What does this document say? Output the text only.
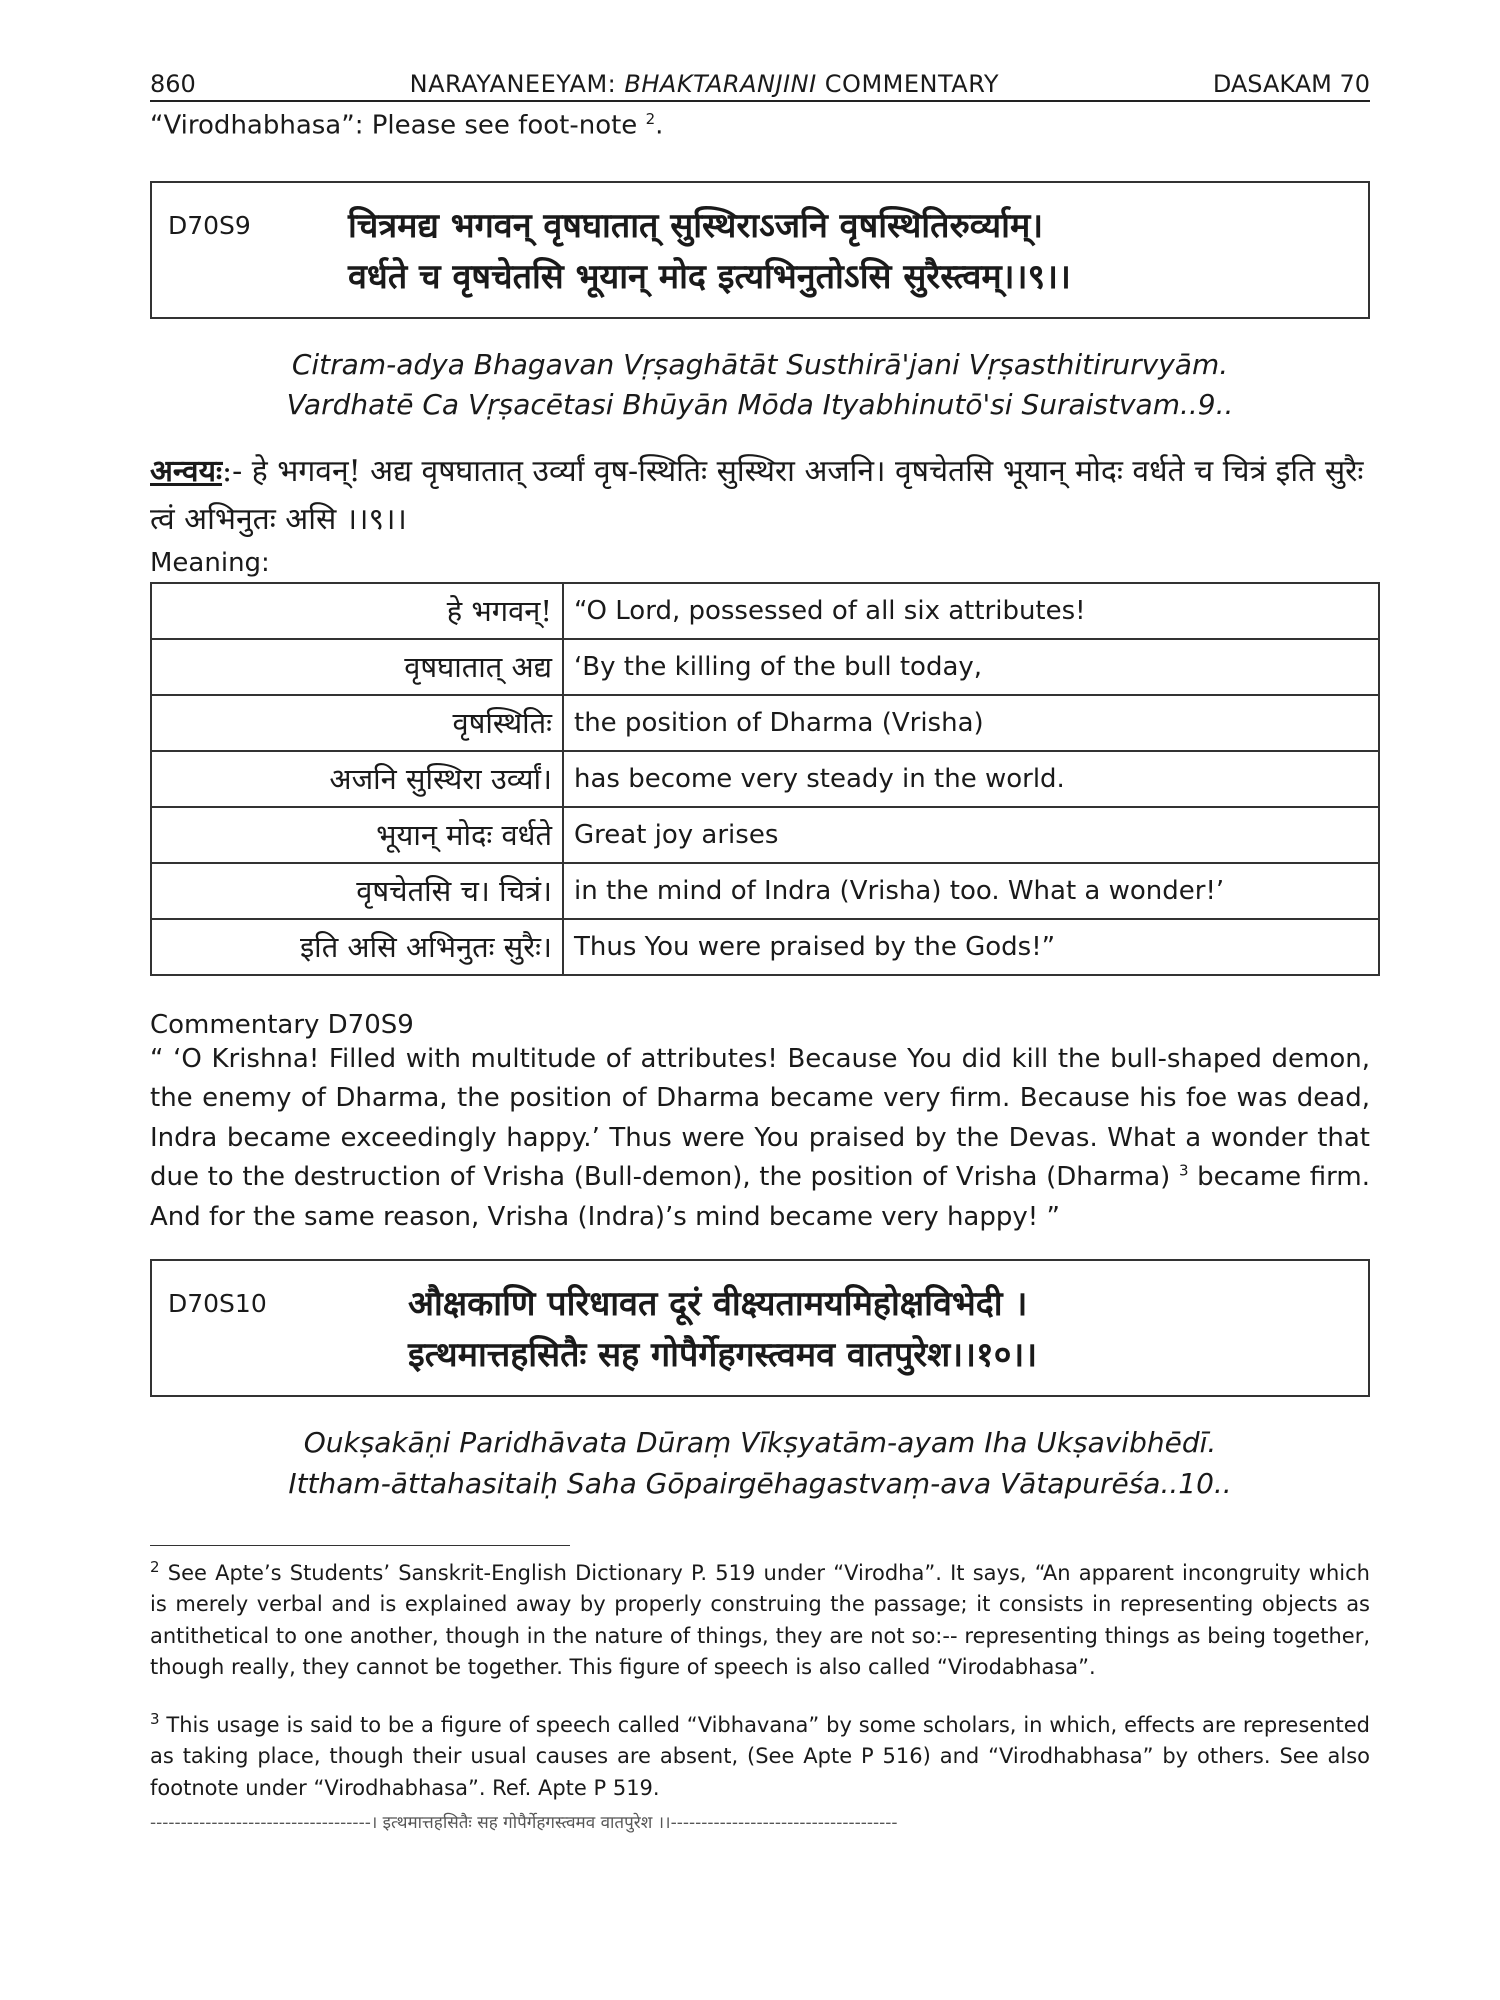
860	NARAYANEEYAM: BHAKTARANJINI COMMENTARY	DASAKAM 70
“Virodhabhasa”: Please see foot-note $^2$.
D70S9	चित्रमद्य भगवन् वृषघातात् सुस्थिराऽजनि वृषस्थितिरुर्व्याम्।
वर्धते च वृषचेतसि भूयान् मोद इत्यभिनुतोऽसि सुरैस्त्वम्।।९।।
Citram-adya Bhagavan Vṛṣaghātāt Susthirā'jani Vṛṣasthitirurvyām.
Vardhatē Ca Vṛṣacētasi Bhūyān Mōda Ityabhinutō'si Suraistvam..9..
अन्वयः:- हे भगवन्! अद्य वृषघातात् उर्व्यां वृष-स्थितिः सुस्थिरा अजनि। वृषचेतसि भूयान् मोदः वर्धते च चित्रं इति सुरैः त्वं अभिनुतः असि ।।९।।
Meaning:
हे भगवन्!	“O Lord, possessed of all six attributes!
वृषघातात् अद्य	‘By the killing of the bull today,
वृषस्थितिः	the position of Dharma (Vrisha)
अजनि सुस्थिरा उर्व्यां।	has become very steady in the world.
भूयान् मोदः वर्धते	Great joy arises
वृषचेतसि च। चित्रं।	in the mind of Indra (Vrisha) too. What a wonder!’
इति असि अभिनुतः सुरैः।	Thus You were praised by the Gods!”
Commentary D70S9
“ ‘O Krishna! Filled with multitude of attributes! Because You did kill the bull-shaped demon, the enemy of Dharma, the position of Dharma became very firm. Because his foe was dead, Indra became exceedingly happy.’ Thus were You praised by the Devas. What a wonder that due to the destruction of Vrisha (Bull-demon), the position of Vrisha (Dharma) $^3$ became firm. And for the same reason, Vrisha (Indra)’s mind became very happy! ”
D70S10	औक्षकाणि परिधावत दूरं वीक्ष्यतामयमिहोक्षविभेदी ।
इत्थमात्तहसितैः सह गोपैर्गेहगस्त्वमव वातपुरेश।।१०।।
Oukṣakāṇi Paridhāvata Dūraṃ Vīkṣyatām-ayam Iha Ukṣavibhēdī.
Ittham-āttahasitaiḥ Saha Gōpairgēhagastvaṃ-ava Vātapurēśa..10..
$^2$ See Apte’s Students’ Sanskrit-English Dictionary P. 519 under “Virodha”. It says, “An apparent incongruity which is merely verbal and is explained away by properly construing the passage; it consists in representing objects as antithetical to one another, though in the nature of things, they are not so:-- representing things as being together, though really, they cannot be together. This figure of speech is also called “Virodabhasa”.
$^3$ This usage is said to be a figure of speech called “Vibhavana” by some scholars, in which, effects are represented as taking place, though their usual causes are absent, (See Apte P 516) and “Virodhabhasa” by others. See also footnote under “Virodhabhasa”. Ref. Apte P 519.
------------------------------------। इत्थमात्तहसितैः सह गोपैर्गेहगस्त्वमव वातपुरेश ।।-------------------------------------
